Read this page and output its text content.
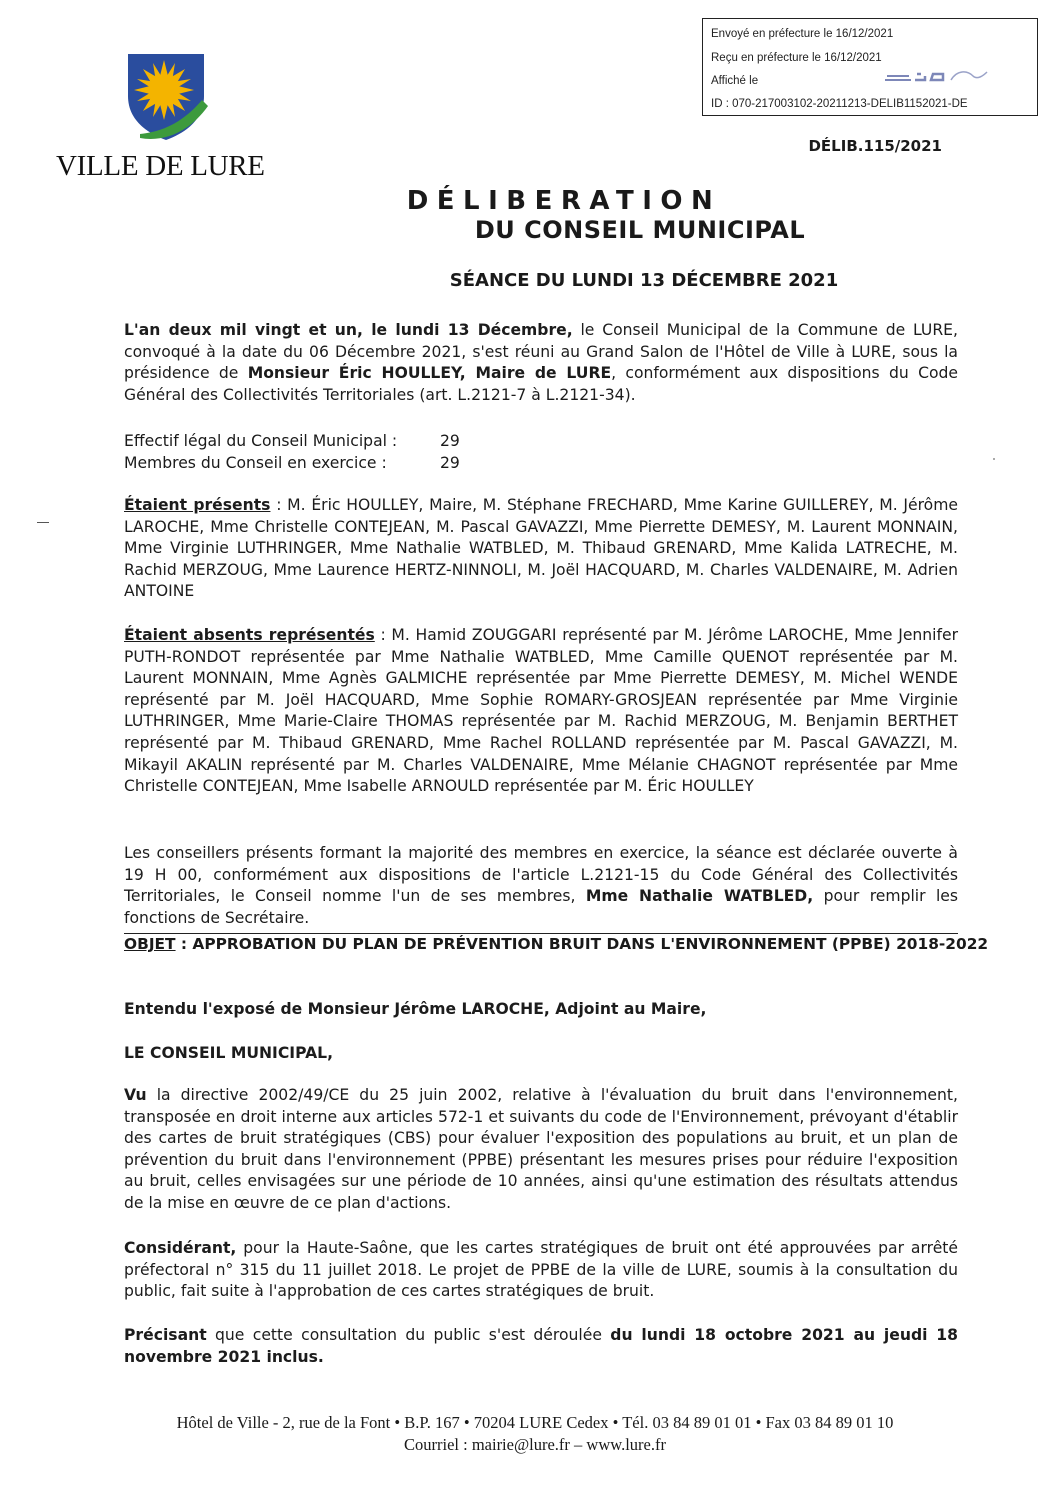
Envoyé en préfecture le 16/12/2021
Reçu en préfecture le 16/12/2021
Affiché le
ID : 070-217003102-20211213-DELIB1152021-DE
VILLE DE LURE
DÉLIB.115/2021
DÉLIBERATION
DU CONSEIL MUNICIPAL
SÉANCE DU LUNDI 13 DÉCEMBRE 2021
L'an deux mil vingt et un, le lundi 13 Décembre, le Conseil Municipal de la Commune de LURE, convoqué à la date du 06 Décembre 2021, s'est réuni au Grand Salon de l'Hôtel de Ville à LURE, sous la présidence de Monsieur Éric HOULLEY, Maire de LURE, conformément aux dispositions du Code Général des Collectivités Territoriales (art. L.2121-7 à L.2121-34).
Effectif légal du Conseil Municipal :	29
Membres du Conseil en exercice :	29
Étaient présents : M. Éric HOULLEY, Maire, M. Stéphane FRECHARD, Mme Karine GUILLEREY, M. Jérôme LAROCHE, Mme Christelle CONTEJEAN, M. Pascal GAVAZZI, Mme Pierrette DEMESY, M. Laurent MONNAIN, Mme Virginie LUTHRINGER, Mme Nathalie WATBLED, M. Thibaud GRENARD, Mme Kalida LATRECHE, M. Rachid MERZOUG, Mme Laurence HERTZ-NINNOLI, M. Joël HACQUARD, M. Charles VALDENAIRE, M. Adrien ANTOINE
Étaient absents représentés : M. Hamid ZOUGGARI représenté par M. Jérôme LAROCHE, Mme Jennifer PUTH-RONDOT représentée par Mme Nathalie WATBLED, Mme Camille QUENOT représentée par M. Laurent MONNAIN, Mme Agnès GALMICHE représentée par Mme Pierrette DEMESY, M. Michel WENDE représenté par M. Joël HACQUARD, Mme Sophie ROMARY-GROSJEAN représentée par Mme Virginie LUTHRINGER, Mme Marie-Claire THOMAS représentée par M. Rachid MERZOUG, M. Benjamin BERTHET représenté par M. Thibaud GRENARD, Mme Rachel ROLLAND représentée par M. Pascal GAVAZZI, M. Mikayil AKALIN représenté par M. Charles VALDENAIRE, Mme Mélanie CHAGNOT représentée par Mme Christelle CONTEJEAN, Mme Isabelle ARNOULD représentée par M. Éric HOULLEY
Les conseillers présents formant la majorité des membres en exercice, la séance est déclarée ouverte à 19 H 00, conformément aux dispositions de l'article L.2121-15 du Code Général des Collectivités Territoriales, le Conseil nomme l'un de ses membres, Mme Nathalie WATBLED, pour remplir les fonctions de Secrétaire.
OBJET : APPROBATION DU PLAN DE PRÉVENTION BRUIT DANS L'ENVIRONNEMENT (PPBE) 2018-2022
Entendu l'exposé de Monsieur Jérôme LAROCHE, Adjoint au Maire,
LE CONSEIL MUNICIPAL,
Vu la directive 2002/49/CE du 25 juin 2002, relative à l'évaluation du bruit dans l'environnement, transposée en droit interne aux articles 572-1 et suivants du code de l'Environnement, prévoyant d'établir des cartes de bruit stratégiques (CBS) pour évaluer l'exposition des populations au bruit, et un plan de prévention du bruit dans l'environnement (PPBE) présentant les mesures prises pour réduire l'exposition au bruit, celles envisagées sur une période de 10 années, ainsi qu'une estimation des résultats attendus de la mise en œuvre de ce plan d'actions.
Considérant, pour la Haute-Saône, que les cartes stratégiques de bruit ont été approuvées par arrêté préfectoral n° 315 du 11 juillet 2018. Le projet de PPBE de la ville de LURE, soumis à la consultation du public, fait suite à l'approbation de ces cartes stratégiques de bruit.
Précisant que cette consultation du public s'est déroulée du lundi 18 octobre 2021 au jeudi 18 novembre 2021 inclus.
Hôtel de Ville - 2, rue de la Font • B.P. 167 • 70204 LURE Cedex • Tél. 03 84 89 01 01 • Fax 03 84 89 01 10
Courriel : mairie@lure.fr – www.lure.fr
